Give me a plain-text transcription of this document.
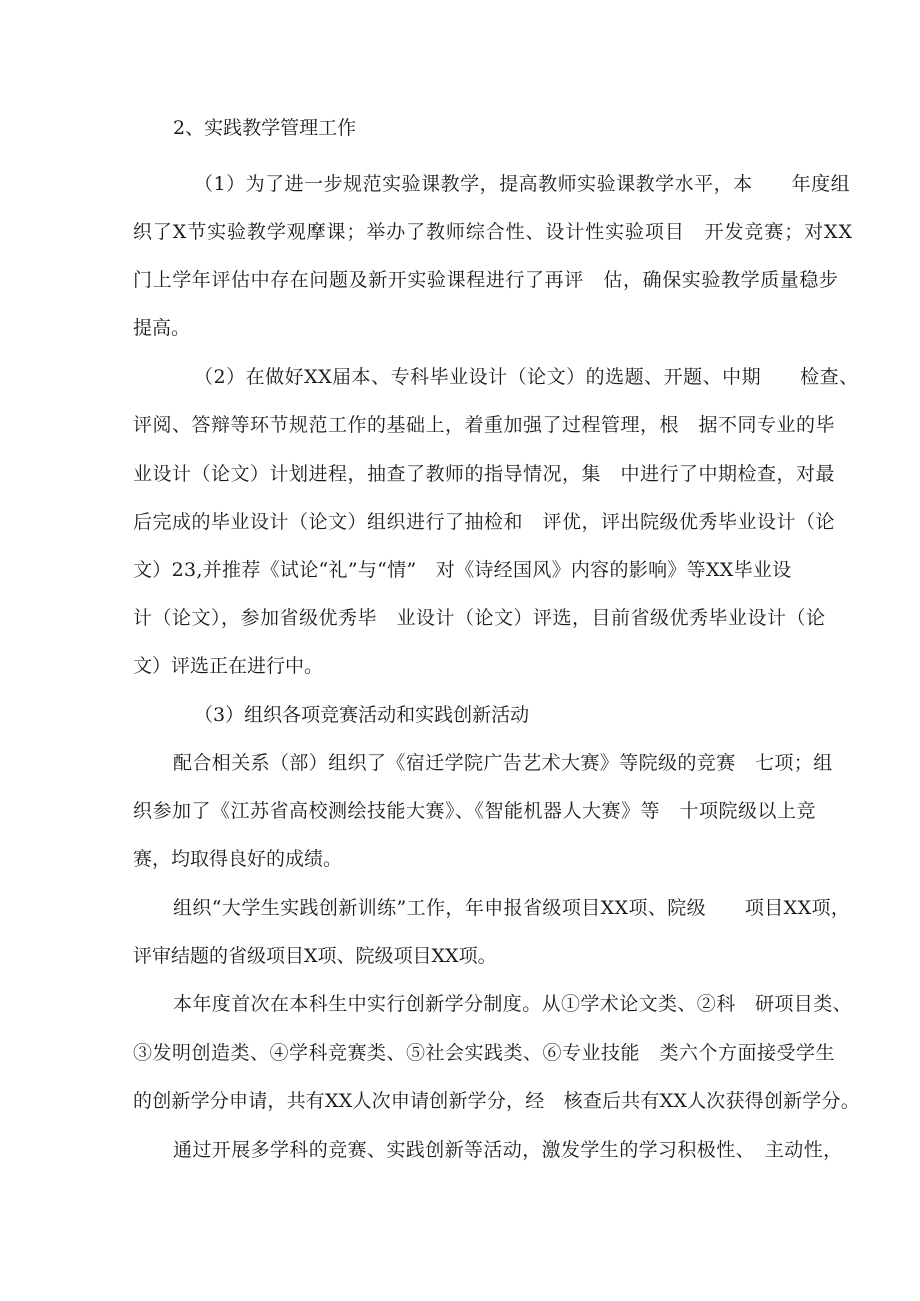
2、实践教学管理工作
（1）为了进一步规范实验课教学，提高教师实验课教学水平，本　　年度组
织了X节实验教学观摩课；举办了教师综合性、设计性实验项目　开发竞赛；对XX
门上学年评估中存在问题及新开实验课程进行了再评　估，确保实验教学质量稳步
提高。
（2）在做好XX届本、专科毕业设计（论文）的选题、开题、中期　　检查、
评阅、答辩等环节规范工作的基础上，着重加强了过程管理，根　据不同专业的毕
业设计（论文）计划进程，抽查了教师的指导情况，集　中进行了中期检查，对最
后完成的毕业设计（论文）组织进行了抽检和　评优，评出院级优秀毕业设计（论
文）23,并推荐《试论“礼”与“情”　对《诗经国风》内容的影响》等XX毕业设
计（论文），参加省级优秀毕　业设计（论文）评选，目前省级优秀毕业设计（论
文）评选正在进行中。
（3）组织各项竞赛活动和实践创新活动
配合相关系（部）组织了《宿迁学院广告艺术大赛》等院级的竞赛　七项；组
织参加了《江苏省高校测绘技能大赛》、《智能机器人大赛》等　十项院级以上竞
赛，均取得良好的成绩。
组织“大学生实践创新训练”工作，年申报省级项目XX项、院级　　项目XX项，
评审结题的省级项目X项、院级项目XX项。
本年度首次在本科生中实行创新学分制度。从①学术论文类、②科　研项目类、
③发明创造类、④学科竞赛类、⑤社会实践类、⑥专业技能　类六个方面接受学生
的创新学分申请，共有XX人次申请创新学分，经　核查后共有XX人次获得创新学分。
通过开展多学科的竞赛、实践创新等活动，激发学生的学习积极性、　主动性，
